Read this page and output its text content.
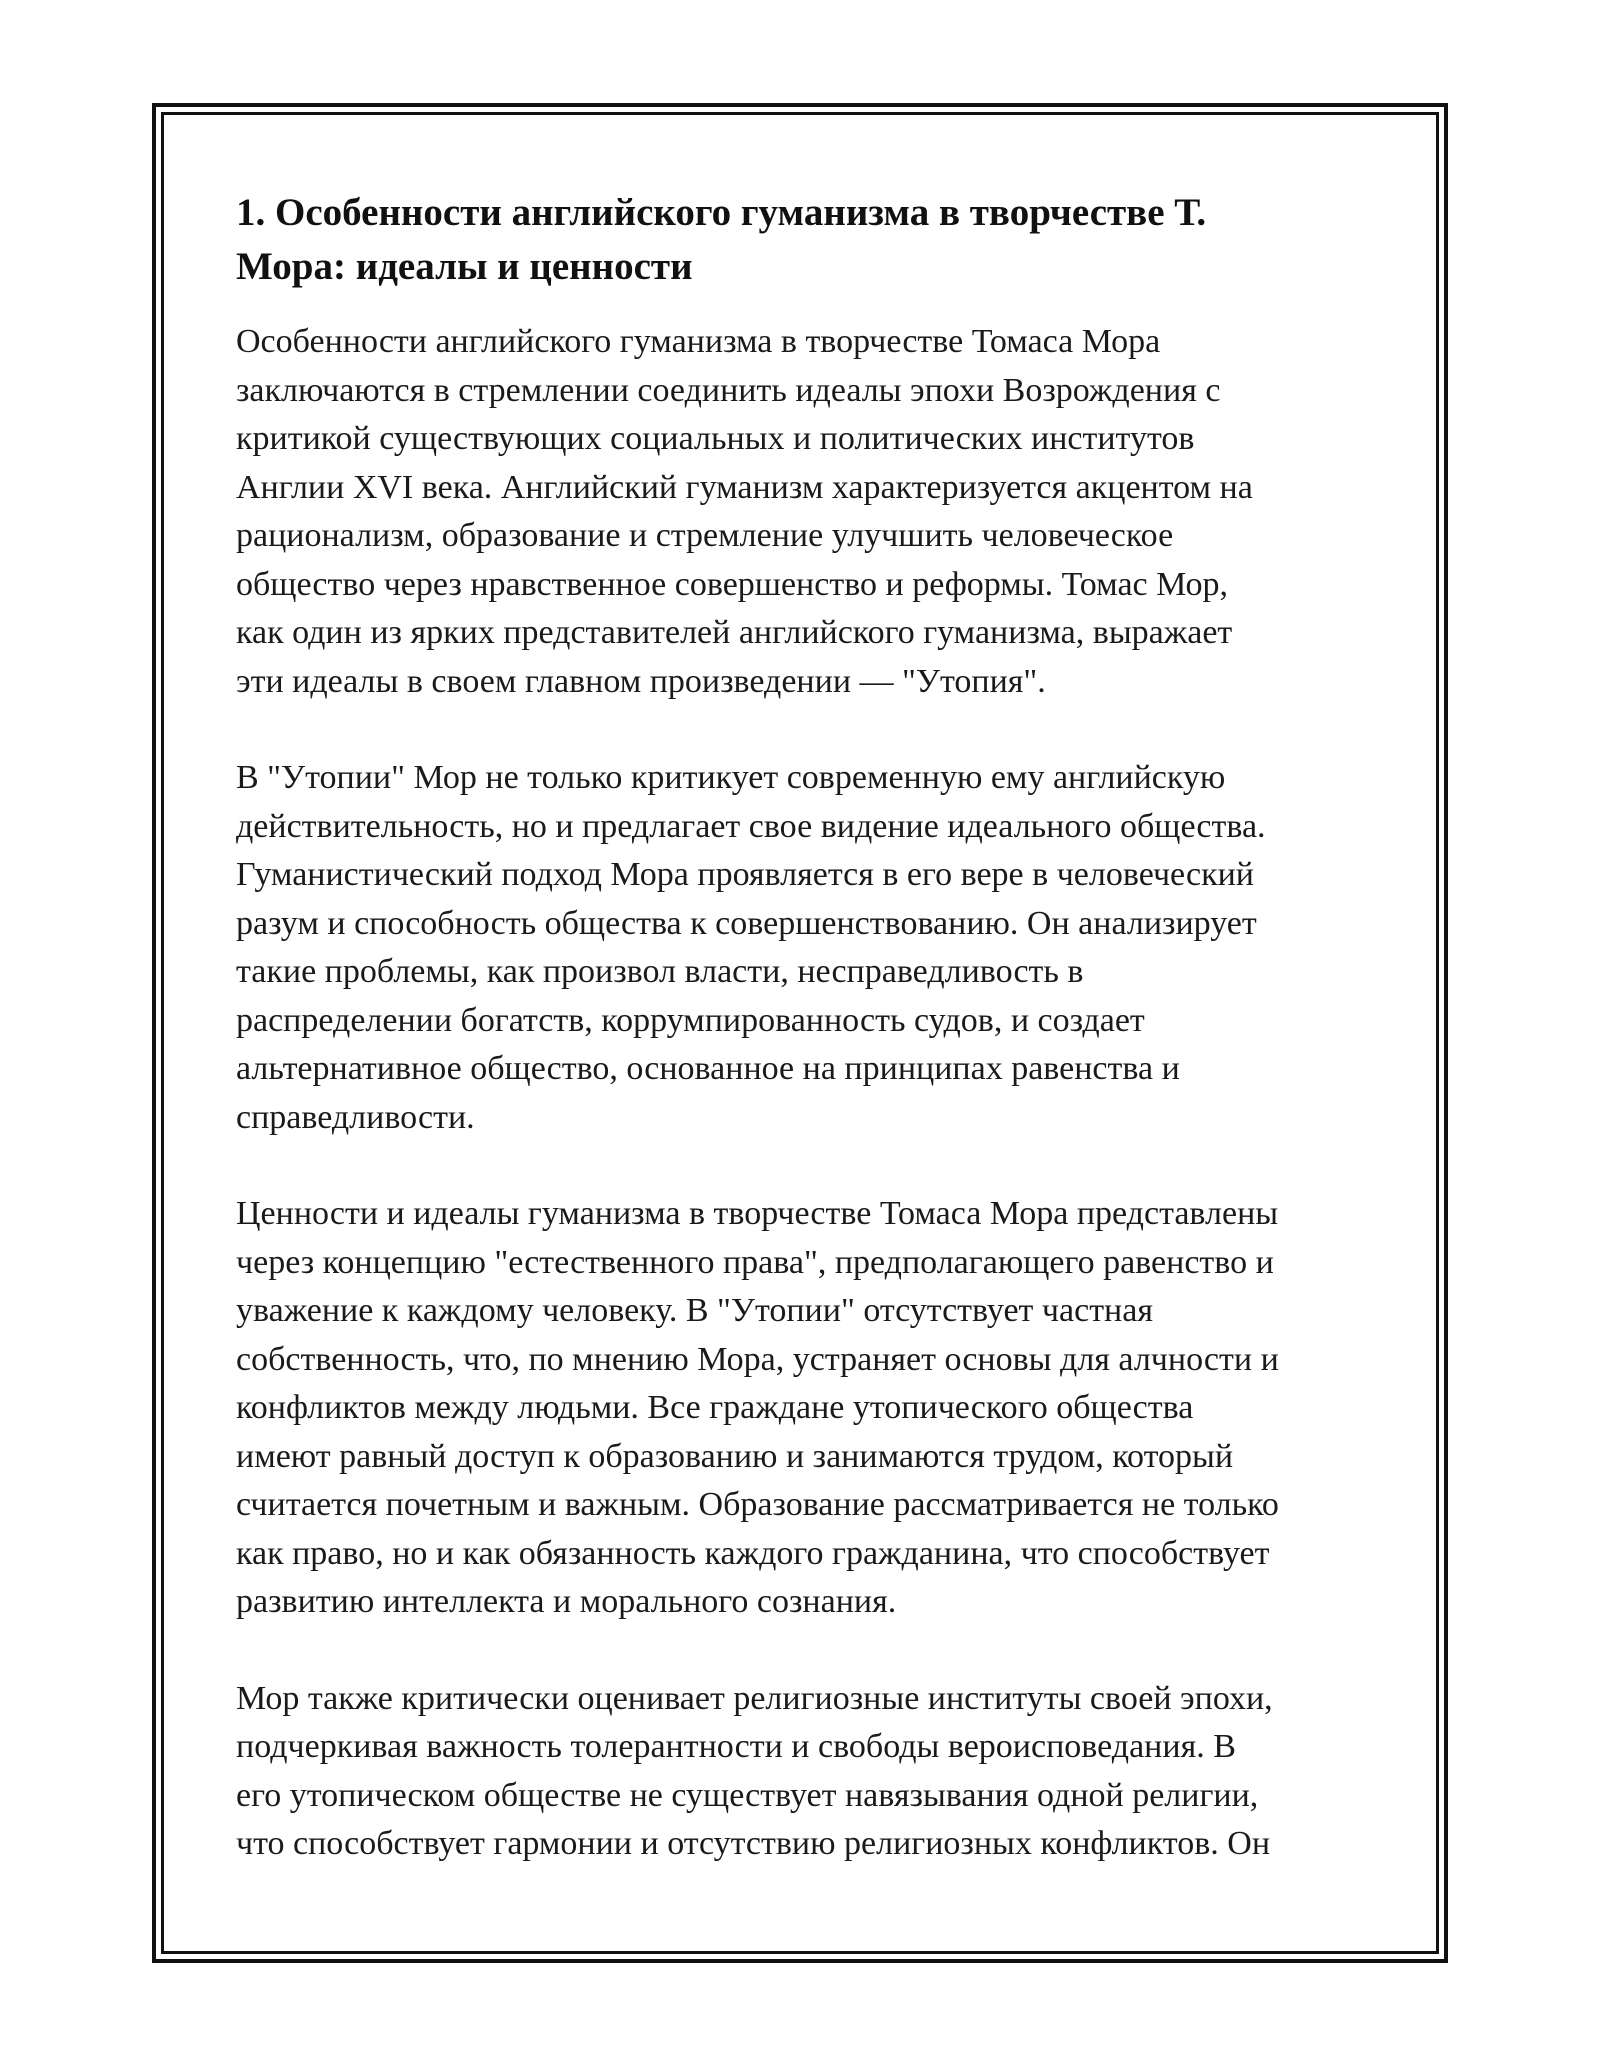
1. Особенности английского гуманизма в творчестве Т.
Мора: идеалы и ценности
Особенности английского гуманизма в творчестве Томаса Мора
заключаются в стремлении соединить идеалы эпохи Возрождения с
критикой существующих социальных и политических институтов
Англии XVI века. Английский гуманизм характеризуется акцентом на
рационализм, образование и стремление улучшить человеческое
общество через нравственное совершенство и реформы. Томас Мор,
как один из ярких представителей английского гуманизма, выражает
эти идеалы в своем главном произведении — "Утопия".
В "Утопии" Мор не только критикует современную ему английскую
действительность, но и предлагает свое видение идеального общества.
Гуманистический подход Мора проявляется в его вере в человеческий
разум и способность общества к совершенствованию. Он анализирует
такие проблемы, как произвол власти, несправедливость в
распределении богатств, коррумпированность судов, и создает
альтернативное общество, основанное на принципах равенства и
справедливости.
Ценности и идеалы гуманизма в творчестве Томаса Мора представлены
через концепцию "естественного права", предполагающего равенство и
уважение к каждому человеку. В "Утопии" отсутствует частная
собственность, что, по мнению Мора, устраняет основы для алчности и
конфликтов между людьми. Все граждане утопического общества
имеют равный доступ к образованию и занимаются трудом, который
считается почетным и важным. Образование рассматривается не только
как право, но и как обязанность каждого гражданина, что способствует
развитию интеллекта и морального сознания.
Мор также критически оценивает религиозные институты своей эпохи,
подчеркивая важность толерантности и свободы вероисповедания. В
его утопическом обществе не существует навязывания одной религии,
что способствует гармонии и отсутствию религиозных конфликтов. Он
